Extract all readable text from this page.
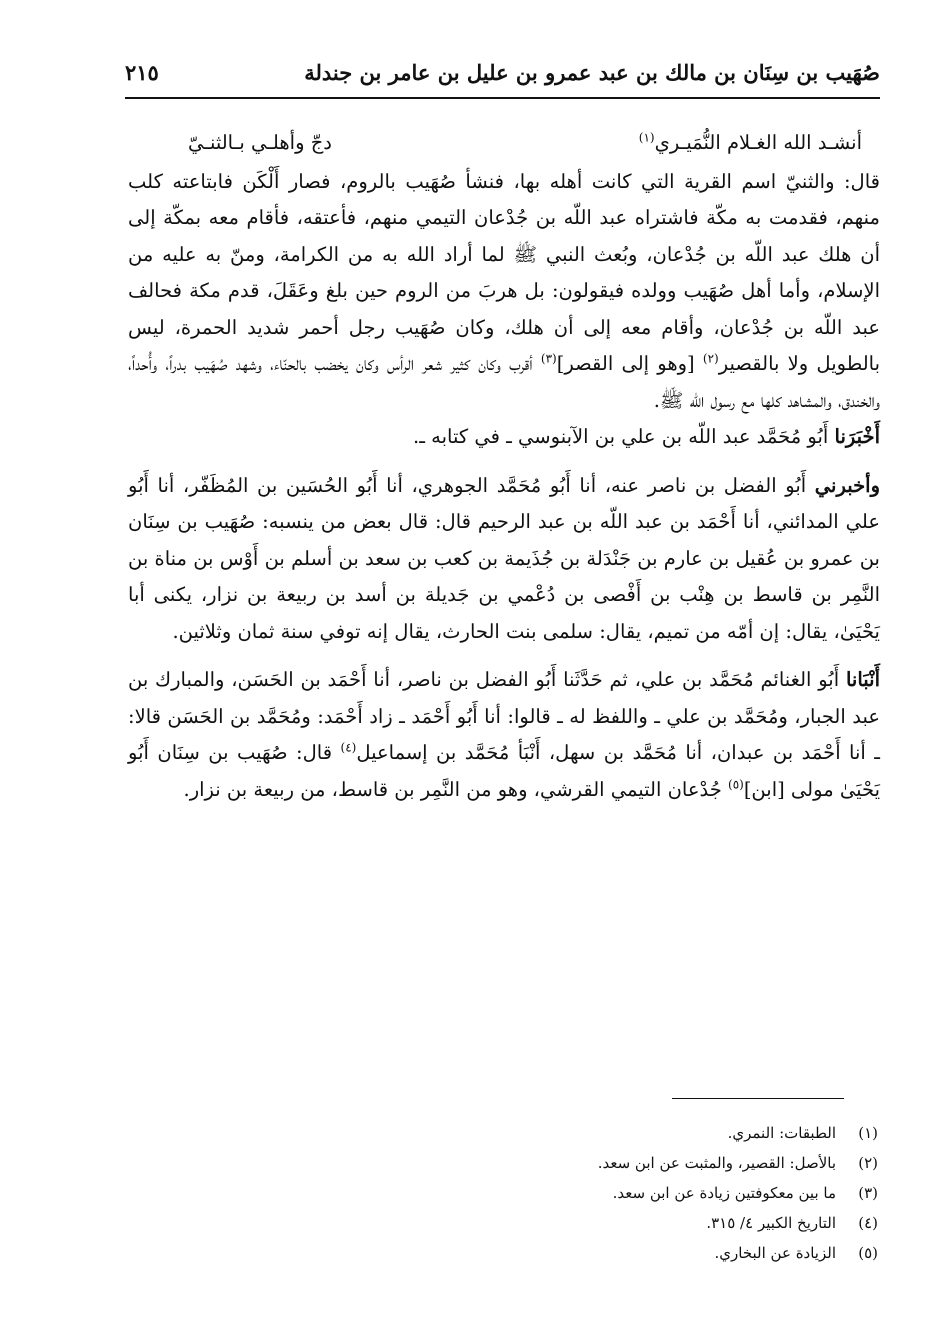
صُهَيب بن سِنَان بن مالك بن عبد عمرو بن عليل بن عامر بن جندلة
٢١٥

أنشـد الله الغـلام النُّمَيـري$^{(١)}$
دجّ وأهلـي بـالثنـيّ

قال: والثنيّ اسم القرية التي كانت أهله بها، فنشأ صُهَيب بالروم، فصار أَلْكَن فابتاعته كلب منهم، فقدمت به مكّة فاشتراه عبد اللّه بن جُدْعان التيمي منهم، فأعتقه، فأقام معه بمكّة إلى أن هلك عبد اللّه بن جُدْعان، وبُعث النبي ﷺ لما أراد الله به من الكرامة، ومنّ به عليه من الإسلام، وأما أهل صُهَيب وولده فيقولون: بل هربَ من الروم حين بلغ وعَقَلَ، قدم مكة فحالف عبد اللّه بن جُدْعان، وأقام معه إلى أن هلك، وكان صُهَيب رجل أحمر شديد الحمرة، ليس بالطويل ولا بالقصير$^{(٢)}$ [وهو إلى القصر]$^{(٣)}$ أقرب وكان كثير شعر الرأس وكان يخضب بالحنّاء، وشهد صُهَيب بدراً، وأُحداً، والخندق، والمشاهد كلها مع رسول الله ﷺ.

أَخْبَرَنا أَبُو مُحَمَّد عبد اللّه بن علي بن الآبنوسي ـ في كتابه ـ.

وأخبرني أَبُو الفضل بن ناصر عنه، أنا أَبُو مُحَمَّد الجوهري، أنا أَبُو الحُسَين بن المُظَفّر، أنا أَبُو علي المدائني، أنا أَحْمَد بن عبد اللّه بن عبد الرحيم قال: قال بعض من ينسبه: صُهَيب بن سِنَان بن عمرو بن عُقيل بن عارم بن جَنْدَلة بن جُذَيمة بن كعب بن سعد بن أسلم بن أَوْس بن مناة بن النَّمِر بن قاسط بن هِنْب بن أَفْصى بن دُعْمي بن جَديلة بن أسد بن ربيعة بن نزار، يكنى أبا يَحْيَىٰ، يقال: إن أمّه من تميم، يقال: سلمى بنت الحارث، يقال إنه توفي سنة ثمان وثلاثين.

أَنْبَانا أَبُو الغنائم مُحَمَّد بن علي، ثم حَدَّثَنا أَبُو الفضل بن ناصر، أنا أَحْمَد بن الحَسَن، والمبارك بن عبد الجبار، ومُحَمَّد بن علي ـ واللفظ له ـ قالوا: أنا أَبُو أَحْمَد ـ زاد أَحْمَد: ومُحَمَّد بن الحَسَن قالا: ـ أنا أَحْمَد بن عبدان، أنا مُحَمَّد بن سهل، أَنْبَأ مُحَمَّد بن إسماعيل$^{(٤)}$ قال: صُهَيب بن سِنَان أَبُو يَحْيَىٰ مولى [ابن]$^{(٥)}$ جُدْعان التيمي القرشي، وهو من النَّمِر بن قاسط، من ربيعة بن نزار.

(١)
الطبقات: النمري.
(٢)
بالأصل: القصير، والمثبت عن ابن سعد.
(٣)
ما بين معكوفتين زيادة عن ابن سعد.
(٤)
التاريخ الكبير ٤/ ٣١٥.
(٥)
الزيادة عن البخاري.
